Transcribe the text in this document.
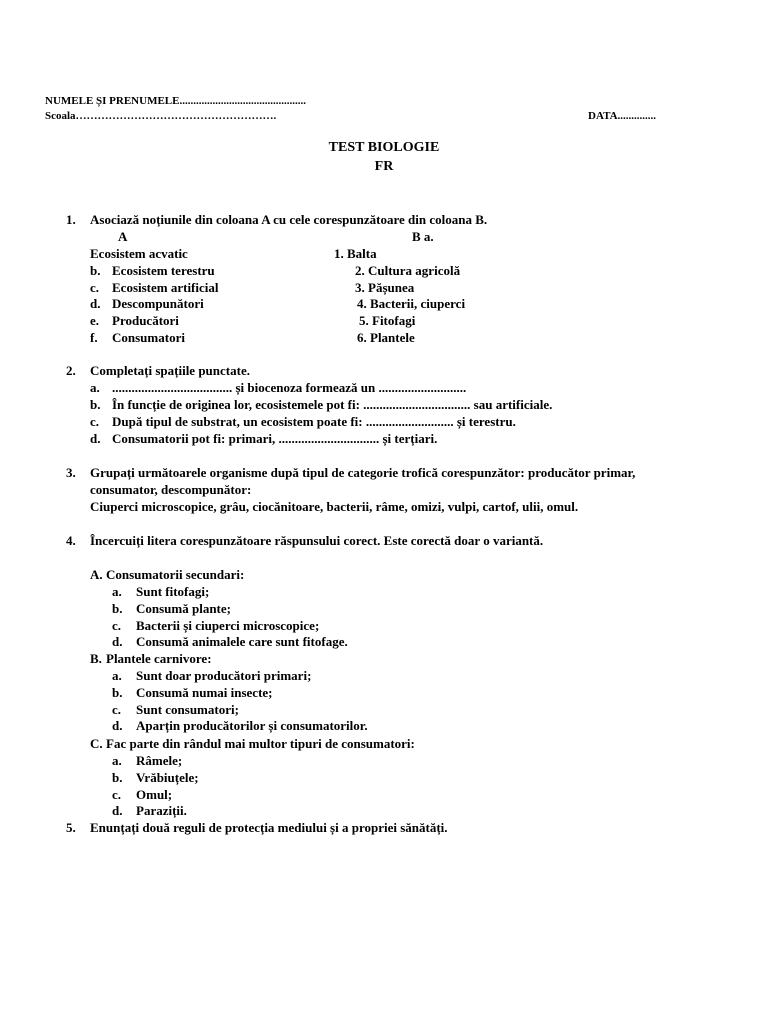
NUMELE ȘI PRENUMELE..............................................
Scoala……………………………………………….	DATA..............
TEST BIOLOGIE
FR
1. Asociază noțiunile din coloana A cu cele corespunzătoare din coloana B.
A	B a.
Ecosistem acvatic
b. Ecosistem terestru
c. Ecosistem artificial
d. Descompunători
e. Producători
f. Consumatori
1. Balta
2. Cultura agricolă
3. Pășunea
4. Bacterii, ciuperci
5. Fitofagi
6. Plantele
2. Completați spațiile punctate.
a. ..................................... și biocenoza formează un ...........................
b. În funcție de originea lor, ecosistemele pot fi: ................................. sau artificiale.
c. După tipul de substrat, un ecosistem poate fi: ........................... și terestru.
d. Consumatorii pot fi: primari, ............................... și terțiari.
3. Grupați următoarele organisme după tipul de categorie trofică corespunzător: producător primar,
consumator, descompunător:
Ciuperci microscopice, grâu, ciocănitoare, bacterii, râme, omizi, vulpi, cartof, ulii, omul.
4. Încercuiți litera corespunzătoare răspunsului corect. Este corectă doar o variantă.
A. Consumatorii secundari:
a. Sunt fitofagi;
b. Consumă plante;
c. Bacterii și ciuperci microscopice;
d. Consumă animalele care sunt fitofage.
B. Plantele carnivore:
a. Sunt doar producători primari;
b. Consumă numai insecte;
c. Sunt consumatori;
d. Aparțin producătorilor și consumatorilor.
C. Fac parte din rândul mai multor tipuri de consumatori:
a. Râmele;
b. Vrăbiuțele;
c. Omul;
d. Paraziții.
5. Enunțați două reguli de protecția mediului și a propriei sănătăți.
